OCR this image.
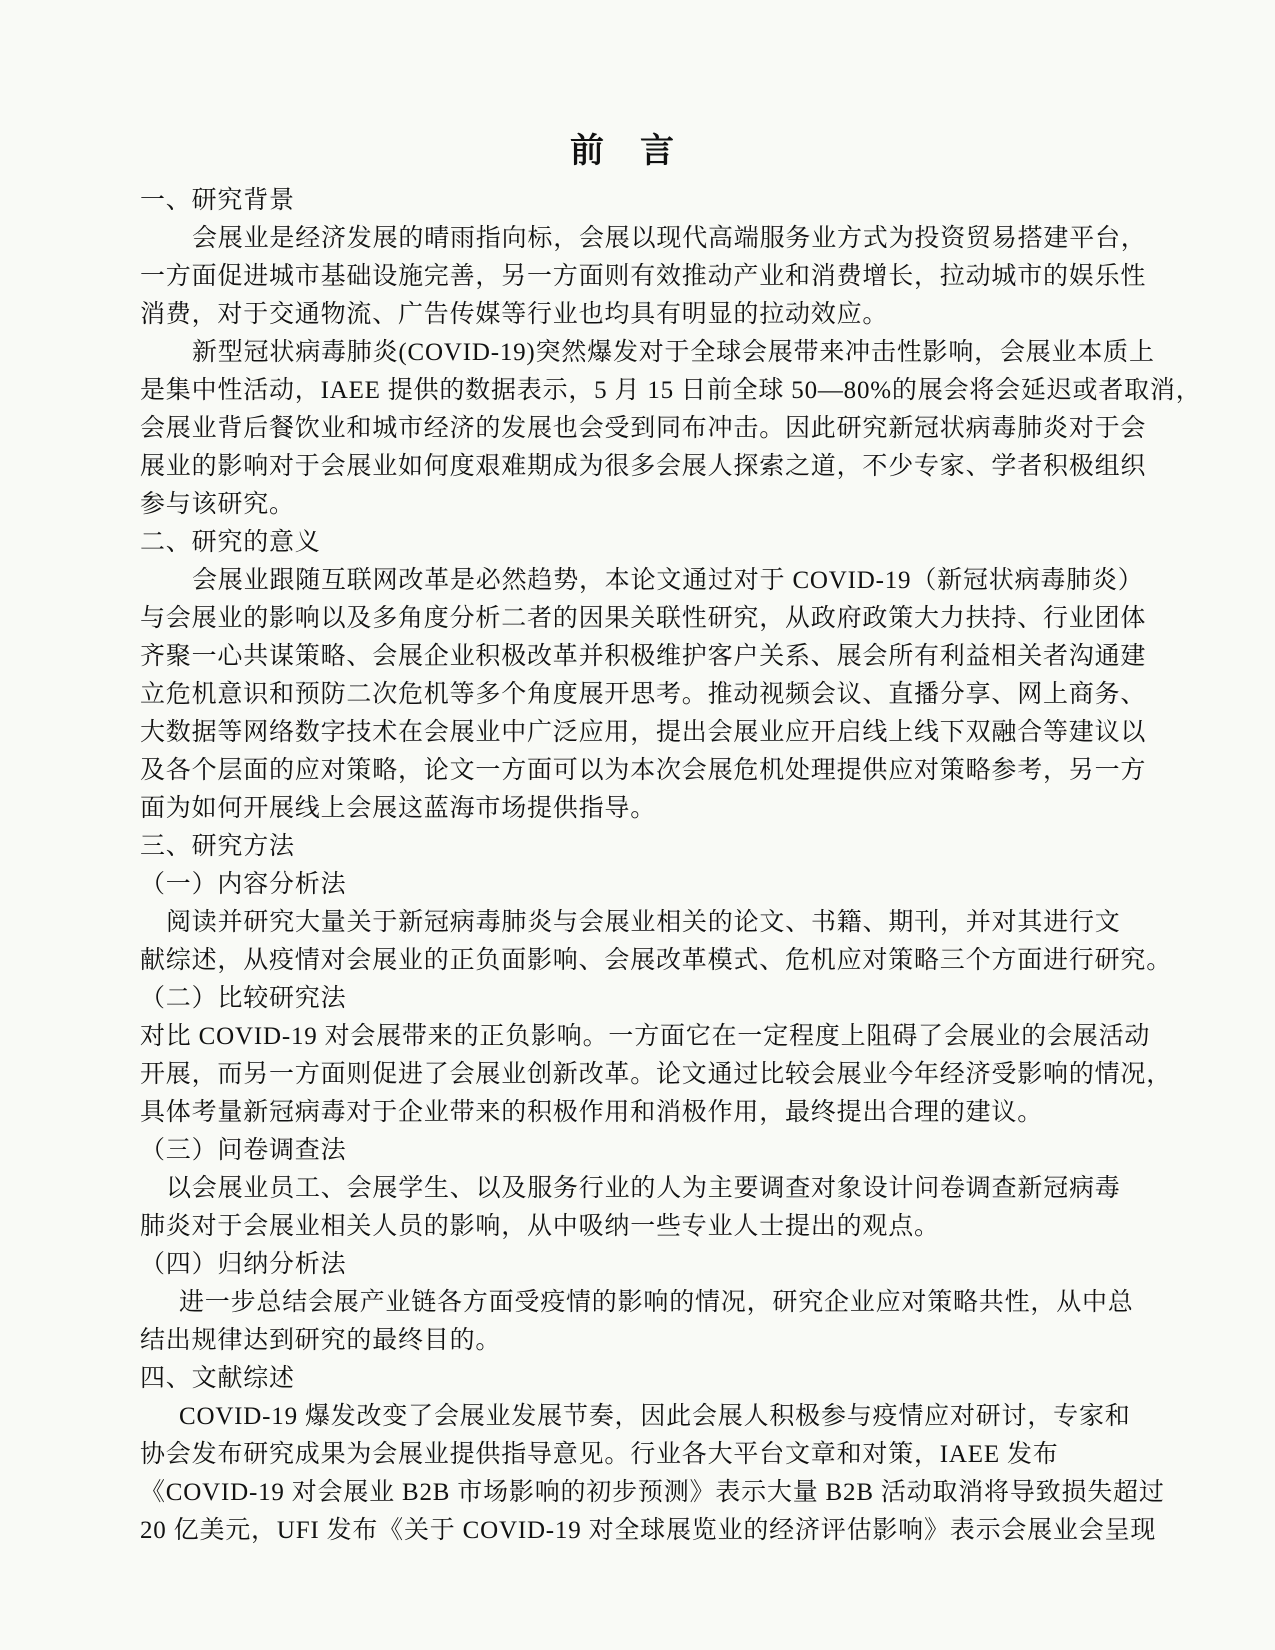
前　言
一、研究背景
会展业是经济发展的晴雨指向标，会展以现代高端服务业方式为投资贸易搭建平台，
一方面促进城市基础设施完善，另一方面则有效推动产业和消费增长，拉动城市的娱乐性
消费，对于交通物流、广告传媒等行业也均具有明显的拉动效应。
新型冠状病毒肺炎(COVID-19)突然爆发对于全球会展带来冲击性影响，会展业本质上
是集中性活动，IAEE 提供的数据表示，5 月 15 日前全球 50—80%的展会将会延迟或者取消，
会展业背后餐饮业和城市经济的发展也会受到同布冲击。因此研究新冠状病毒肺炎对于会
展业的影响对于会展业如何度艰难期成为很多会展人探索之道，不少专家、学者积极组织
参与该研究。
二、研究的意义
会展业跟随互联网改革是必然趋势，本论文通过对于 COVID-19（新冠状病毒肺炎）
与会展业的影响以及多角度分析二者的因果关联性研究，从政府政策大力扶持、行业团体
齐聚一心共谋策略、会展企业积极改革并积极维护客户关系、展会所有利益相关者沟通建
立危机意识和预防二次危机等多个角度展开思考。推动视频会议、直播分享、网上商务、
大数据等网络数字技术在会展业中广泛应用，提出会展业应开启线上线下双融合等建议以
及各个层面的应对策略，论文一方面可以为本次会展危机处理提供应对策略参考，另一方
面为如何开展线上会展这蓝海市场提供指导。
三、研究方法
（一）内容分析法
阅读并研究大量关于新冠病毒肺炎与会展业相关的论文、书籍、期刊，并对其进行文
献综述，从疫情对会展业的正负面影响、会展改革模式、危机应对策略三个方面进行研究。
（二）比较研究法
对比 COVID-19 对会展带来的正负影响。一方面它在一定程度上阻碍了会展业的会展活动
开展，而另一方面则促进了会展业创新改革。论文通过比较会展业今年经济受影响的情况，
具体考量新冠病毒对于企业带来的积极作用和消极作用，最终提出合理的建议。
（三）问卷调查法
以会展业员工、会展学生、以及服务行业的人为主要调查对象设计问卷调查新冠病毒
肺炎对于会展业相关人员的影响，从中吸纳一些专业人士提出的观点。
（四）归纳分析法
进一步总结会展产业链各方面受疫情的影响的情况，研究企业应对策略共性，从中总
结出规律达到研究的最终目的。
四、文献综述
COVID-19 爆发改变了会展业发展节奏，因此会展人积极参与疫情应对研讨，专家和
协会发布研究成果为会展业提供指导意见。行业各大平台文章和对策，IAEE 发布
《COVID-19 对会展业 B2B 市场影响的初步预测》表示大量 B2B 活动取消将导致损失超过
20 亿美元，UFI 发布《关于 COVID-19 对全球展览业的经济评估影响》表示会展业会呈现
